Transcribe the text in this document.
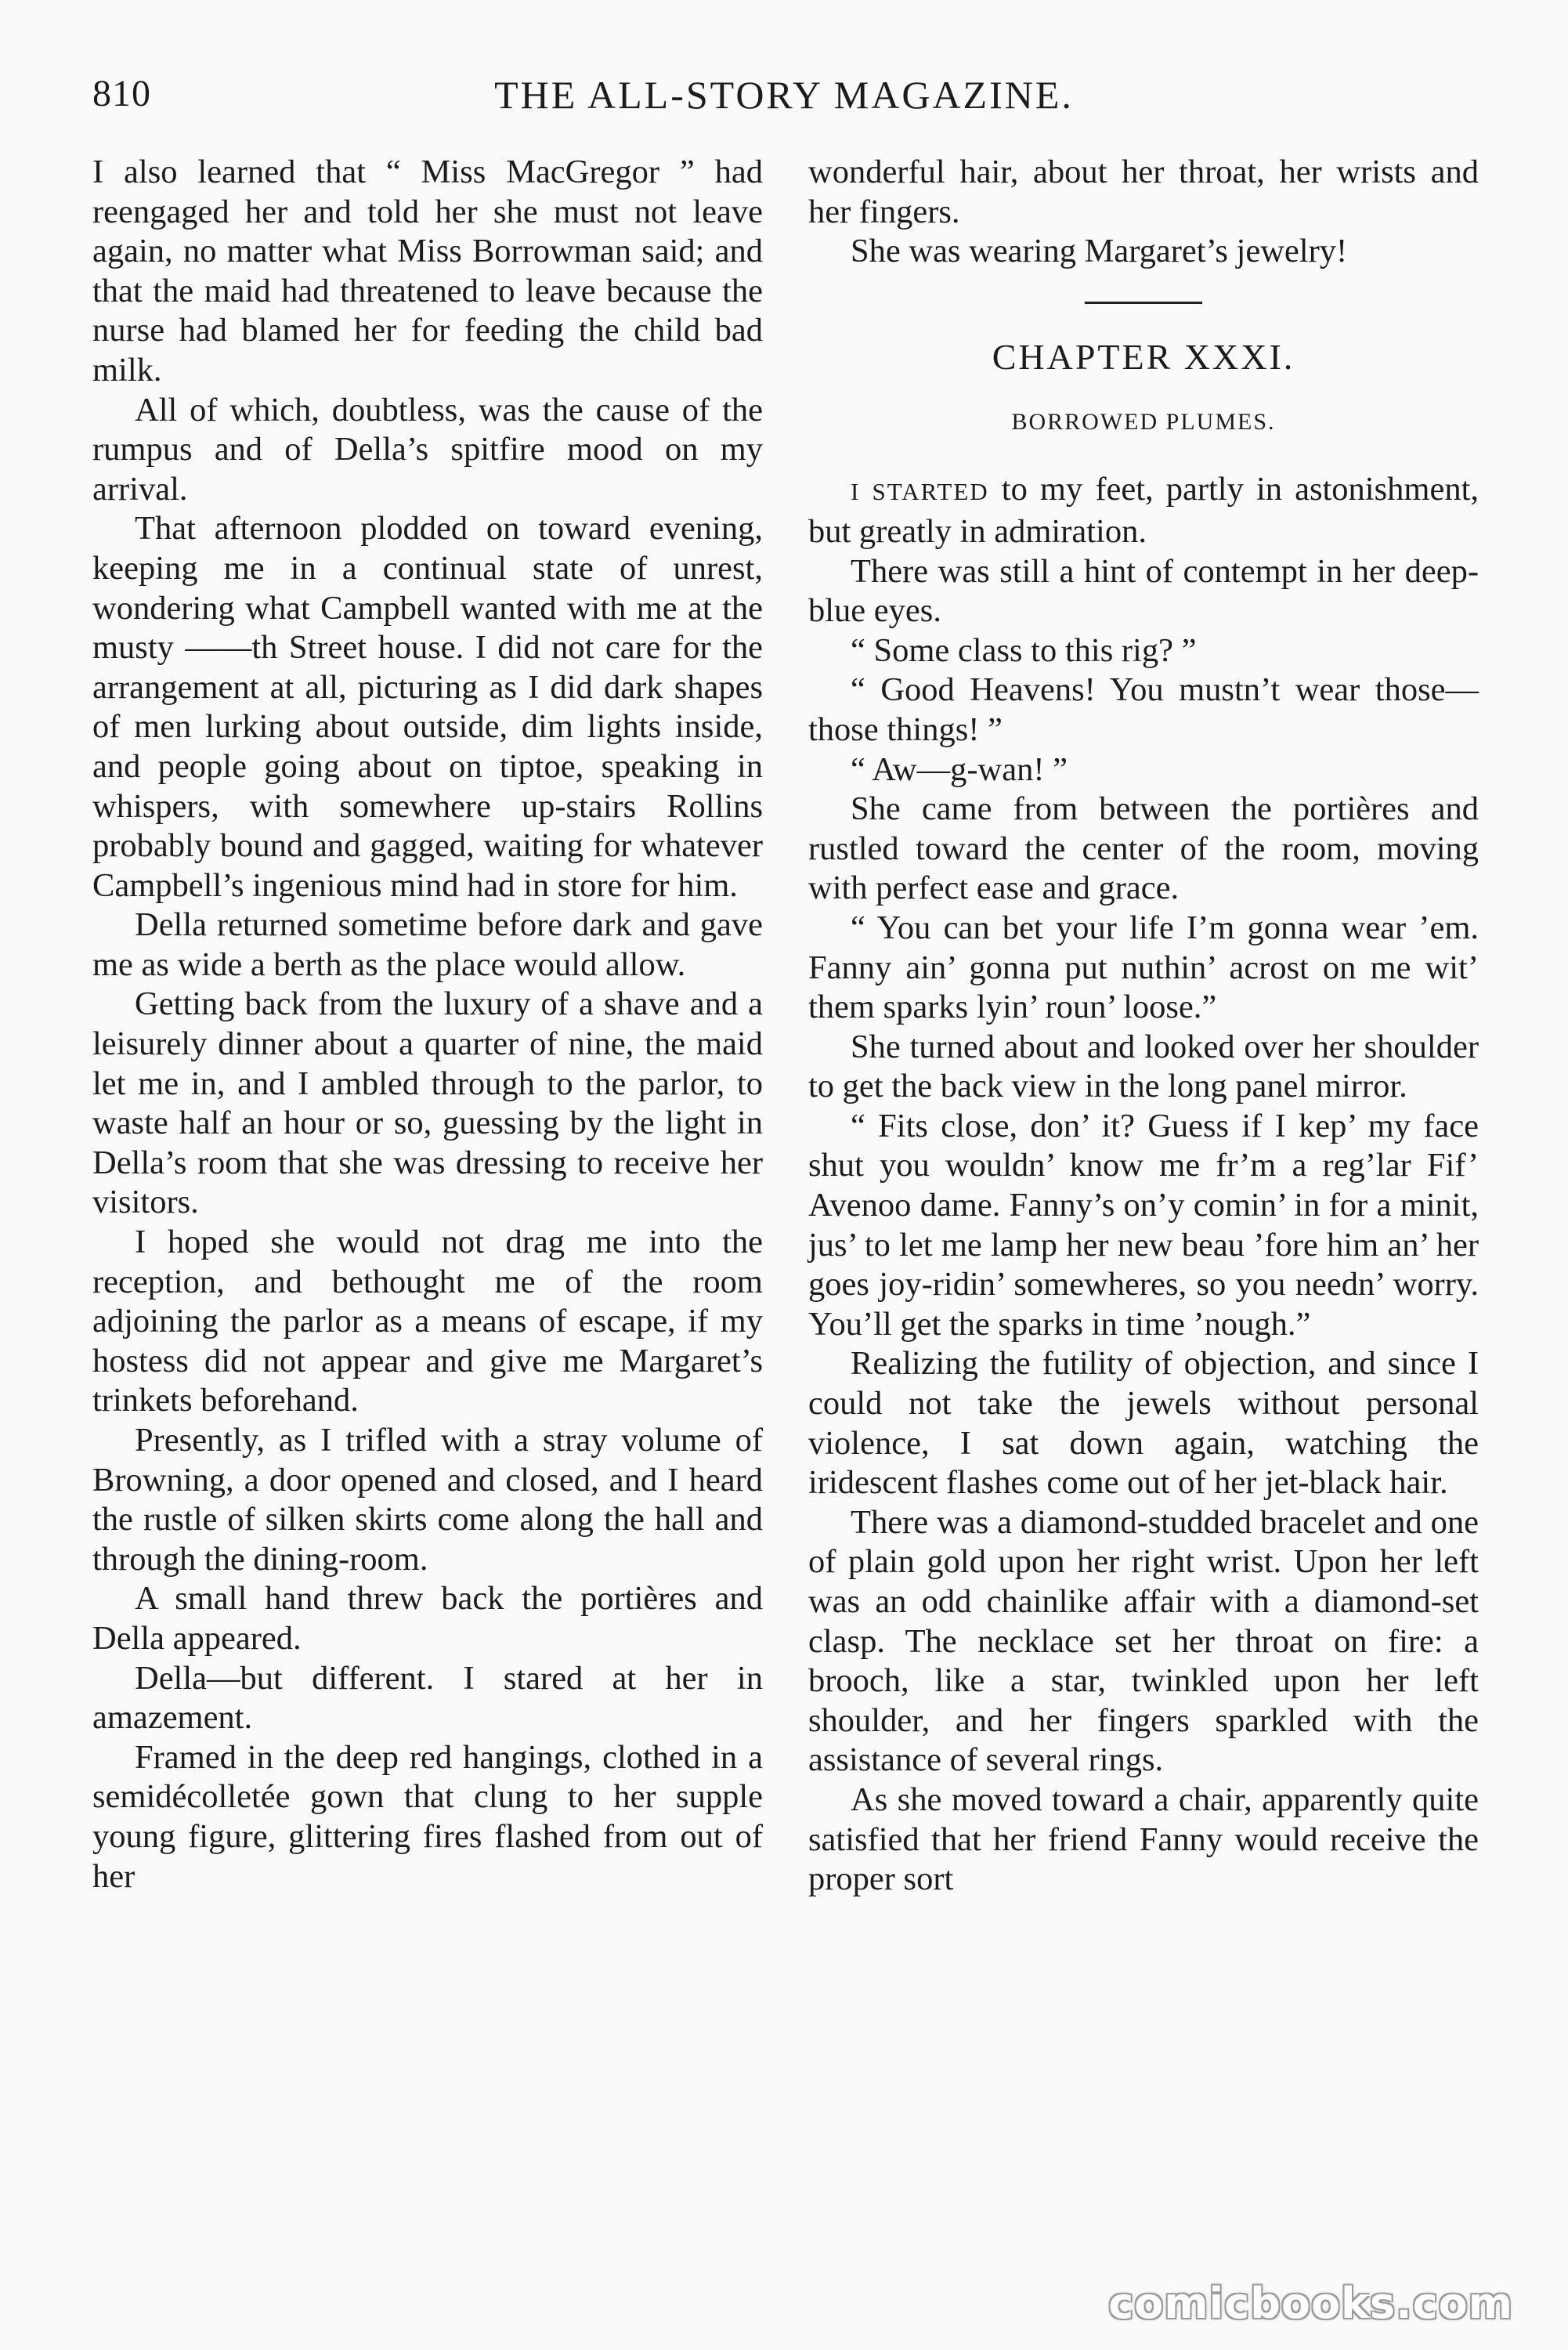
810	THE ALL-STORY MAGAZINE.

I also learned that “ Miss MacGregor ” had reengaged her and told her she must not leave again, no matter what Miss Borrowman said; and that the maid had threatened to leave because the nurse had blamed her for feeding the child bad milk.

All of which, doubtless, was the cause of the rumpus and of Della’s spitfire mood on my arrival.

That afternoon plodded on toward evening, keeping me in a continual state of unrest, wondering what Campbell wanted with me at the musty ——th Street house. I did not care for the arrangement at all, picturing as I did dark shapes of men lurking about outside, dim lights inside, and people going about on tiptoe, speaking in whispers, with somewhere up-stairs Rollins probably bound and gagged, waiting for whatever Campbell’s ingenious mind had in store for him.

Della returned sometime before dark and gave me as wide a berth as the place would allow.

Getting back from the luxury of a shave and a leisurely dinner about a quarter of nine, the maid let me in, and I ambled through to the parlor, to waste half an hour or so, guessing by the light in Della’s room that she was dressing to receive her visitors.

I hoped she would not drag me into the reception, and bethought me of the room adjoining the parlor as a means of escape, if my hostess did not appear and give me Margaret’s trinkets beforehand.

Presently, as I trifled with a stray volume of Browning, a door opened and closed, and I heard the rustle of silken skirts come along the hall and through the dining-room.

A small hand threw back the portières and Della appeared.

Della—but different. I stared at her in amazement.

Framed in the deep red hangings, clothed in a semidécolletée gown that clung to her supple young figure, glittering fires flashed from out of her

wonderful hair, about her throat, her wrists and her fingers.

She was wearing Margaret’s jewelry!

CHAPTER XXXI.
BORROWED PLUMES.

I STARTED to my feet, partly in astonishment, but greatly in admiration.

There was still a hint of contempt in her deep-blue eyes.

“ Some class to this rig? ”

“ Good Heavens! You mustn’t wear those—those things! ”

“ Aw—g-wan! ”

She came from between the portières and rustled toward the center of the room, moving with perfect ease and grace.

“ You can bet your life I’m gonna wear ’em. Fanny ain’ gonna put nuthin’ acrost on me wit’ them sparks lyin’ roun’ loose.”

She turned about and looked over her shoulder to get the back view in the long panel mirror.

“ Fits close, don’ it? Guess if I kep’ my face shut you wouldn’ know me fr’m a reg’lar Fif’ Avenoo dame. Fanny’s on’y comin’ in for a minit, jus’ to let me lamp her new beau ’fore him an’ her goes joy-ridin’ somewheres, so you needn’ worry. You’ll get the sparks in time ’nough.”

Realizing the futility of objection, and since I could not take the jewels without personal violence, I sat down again, watching the iridescent flashes come out of her jet-black hair.

There was a diamond-studded bracelet and one of plain gold upon her right wrist. Upon her left was an odd chainlike affair with a diamond-set clasp. The necklace set her throat on fire: a brooch, like a star, twinkled upon her left shoulder, and her fingers sparkled with the assistance of several rings.

As she moved toward a chair, apparently quite satisfied that her friend Fanny would receive the proper sort

comicbooks.com
